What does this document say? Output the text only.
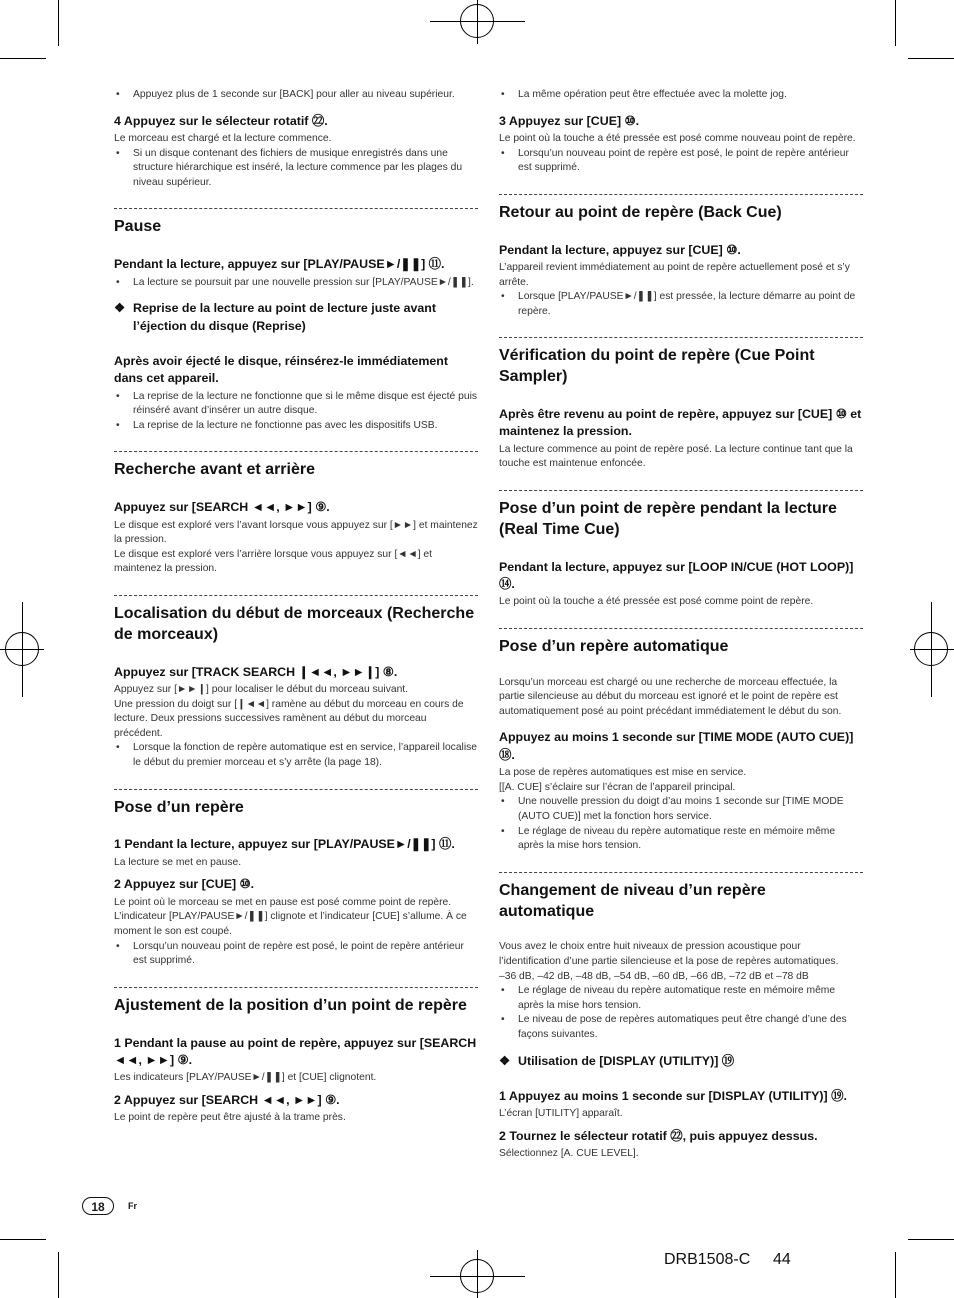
• Appuyez plus de 1 seconde sur [BACK] pour aller au niveau supérieur.

4 Appuyez sur le sélecteur rotatif ㉒.

Le morceau est chargé et la lecture commence.

• Si un disque contenant des fichiers de musique enregistrés dans une structure hiérarchique est inséré, la lecture commence par les plages du niveau supérieur.
Pause

Pendant la lecture, appuyez sur [PLAY/PAUSE►/❚❚] ⑪.

• La lecture se poursuit par une nouvelle pression sur [PLAY/PAUSE►/❚❚].

❖ Reprise de la lecture au point de lecture juste avant l’éjection du disque (Reprise)

Après avoir éjecté le disque, réinsérez-le immédiatement dans cet appareil.

• La reprise de la lecture ne fonctionne que si le même disque est éjecté puis réinséré avant d’insérer un autre disque.
• La reprise de la lecture ne fonctionne pas avec les dispositifs USB.
Recherche avant et arrière

Appuyez sur [SEARCH ◄◄, ►►] ⑨.

Le disque est exploré vers l’avant lorsque vous appuyez sur [►►] et maintenez la pression.

Le disque est exploré vers l’arrière lorsque vous appuyez sur [◄◄] et maintenez la pression.

Localisation du début de morceaux (Recherche de morceaux)

Appuyez sur [TRACK SEARCH ❙◄◄, ►►❙] ⑧.

Appuyez sur [►►❙] pour localiser le début du morceau suivant.

Une pression du doigt sur [❙◄◄] ramène au début du morceau en cours de lecture. Deux pressions successives ramènent au début du morceau précédent.

• Lorsque la fonction de repère automatique est en service, l’appareil localise le début du premier morceau et s’y arrête (la page 18).
Pose d’un repère

1 Pendant la lecture, appuyez sur [PLAY/PAUSE►/❚❚] ⑪.

La lecture se met en pause.

2 Appuyez sur [CUE] ⑩.

Le point où le morceau se met en pause est posé comme point de repère.

L’indicateur [PLAY/PAUSE►/❚❚] clignote et l’indicateur [CUE] s’allume. À ce moment le son est coupé.

• Lorsqu’un nouveau point de repère est posé, le point de repère antérieur est supprimé.
Ajustement de la position d’un point de repère

1 Pendant la pause au point de repère, appuyez sur [SEARCH ◄◄, ►►] ⑨.

Les indicateurs [PLAY/PAUSE►/❚❚] et [CUE] clignotent.

2 Appuyez sur [SEARCH ◄◄, ►►] ⑨.

Le point de repère peut être ajusté à la trame près.

• La même opération peut être effectuée avec la molette jog.

3 Appuyez sur [CUE] ⑩.

Le point où la touche a été pressée est posé comme nouveau point de repère.

• Lorsqu’un nouveau point de repère est posé, le point de repère antérieur est supprimé.
Retour au point de repère (Back Cue)

Pendant la lecture, appuyez sur [CUE] ⑩.

L’appareil revient immédiatement au point de repère actuellement posé et s’y arrête.

• Lorsque [PLAY/PAUSE►/❚❚] est pressée, la lecture démarre au point de repère.
Vérification du point de repère (Cue Point Sampler)

Après être revenu au point de repère, appuyez sur [CUE] ⑩ et maintenez la pression.

La lecture commence au point de repère posé. La lecture continue tant que la touche est maintenue enfoncée.

Pose d’un point de repère pendant la lecture (Real Time Cue)

Pendant la lecture, appuyez sur [LOOP IN/CUE (HOT LOOP)] ⑭.

Le point où la touche a été pressée est posé comme point de repère.

Pose d’un repère automatique

Lorsqu’un morceau est chargé ou une recherche de morceau effectuée, la partie silencieuse au début du morceau est ignoré et le point de repère est automatiquement posé au point précédant immédiatement le début du son.

Appuyez au moins 1 seconde sur [TIME MODE (AUTO CUE)] ⑱.

La pose de repères automatiques est mise en service.

[[A. CUE] s’éclaire sur l’écran de l’appareil principal.

• Une nouvelle pression du doigt d’au moins 1 seconde sur [TIME MODE (AUTO CUE)] met la fonction hors service.
• Le réglage de niveau du repère automatique reste en mémoire même après la mise hors tension.
Changement de niveau d’un repère automatique

Vous avez le choix entre huit niveaux de pression acoustique pour l’identification d’une partie silencieuse et la pose de repères automatiques.

–36 dB, –42 dB, –48 dB, –54 dB, –60 dB, –66 dB, –72 dB et –78 dB

• Le réglage de niveau du repère automatique reste en mémoire même après la mise hors tension.
• Le niveau de pose de repères automatiques peut être changé d’une des façons suivantes.

❖ Utilisation de [DISPLAY (UTILITY)] ⑲

1 Appuyez au moins 1 seconde sur [DISPLAY (UTILITY)] ⑲.

L’écran [UTILITY] apparaît.

2 Tournez le sélecteur rotatif ㉒, puis appuyez dessus.

Sélectionnez [A. CUE LEVEL].

18	Fr
DRB1508-C 44
